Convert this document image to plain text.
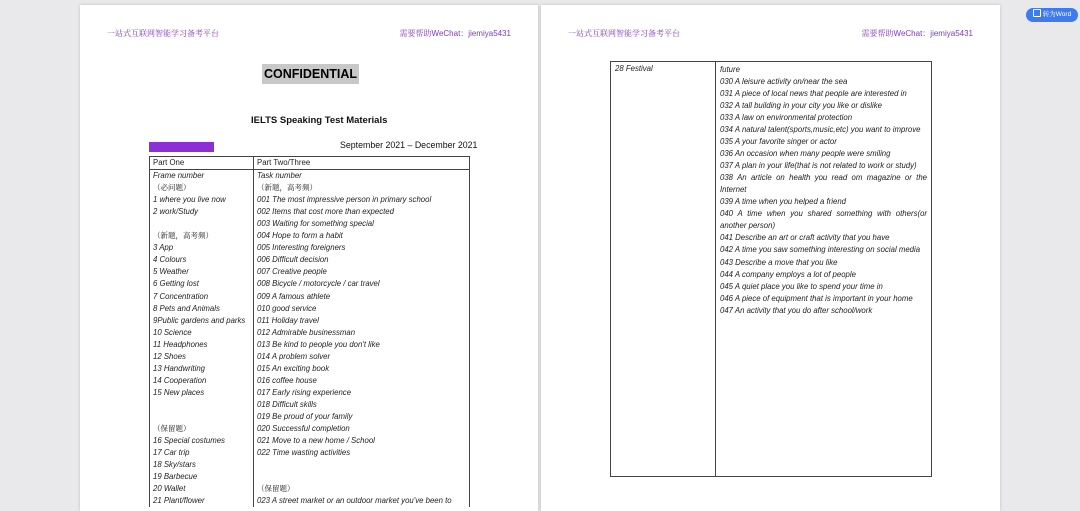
一站式互联网智能学习备考平台	需要帮助WeChat：jiemiya5431
CONFIDENTIAL
IELTS Speaking Test Materials
September 2021 – December 2021
Part One	Part Two/Three
Frame number	Task number
（必问题）	（新题，高考频）
1 where you live now	001 The most impressive person in primary school
2 work/Study	002 Items that cost more than expected
	003 Waiting for something special
（新题，高考频）	004 Hope to form a habit
3 App	005 Interesting foreigners
4 Colours	006 Difficult decision
5 Weather	007 Creative people
6 Getting lost	008 Bicycle / motorcycle / car travel
7 Concentration	009 A famous athlete
8 Pets and Animals	010 good service
9Public gardens and parks	011 Holiday travel
10 Science	012 Admirable businessman
11 Headphones	013 Be kind to people you don't like
12 Shoes	014 A problem solver
13 Handwriting	015 An exciting book
14 Cooperation	016 coffee house
15 New places	017 Early rising experience
	018 Difficult skills
	019 Be proud of your family
（保留题）	020 Successful completion
16 Special costumes	021 Move to a new home / School
17 Car trip	022 Time wasting activities
18 Sky/stars	
19 Barbecue	
20 Wallet	（保留题）
21 Plant/flower	023 A street market or an outdoor market you've been to
一站式互联网智能学习备考平台	需要帮助WeChat：jiemiya5431
28 Festival	future
030 A leisure activity on/near the sea
031 A piece of local news that people are interested in
032 A tall building in your city you like or dislike
033 A law on environmental protection
034 A natural talent(sports,music,etc) you want to improve
035 A your favorite singer or actor
036 An occasion when many people were smiling
037 A plan in your life(that is not related to work or study)
038 An article on health you read om magazine or the Internet
039 A time when you helped a friend
040 A time when you shared something with others(or another person)
041 Describe an art or craft activity that you have
042 A time you saw something interesting on social media
043 Describe a move that you like
044 A company employs a lot of people
045 A quiet place you like to spend your time in
046 A piece of equipment that is important in your home
047 An activity that you do after school/work
转为Word
